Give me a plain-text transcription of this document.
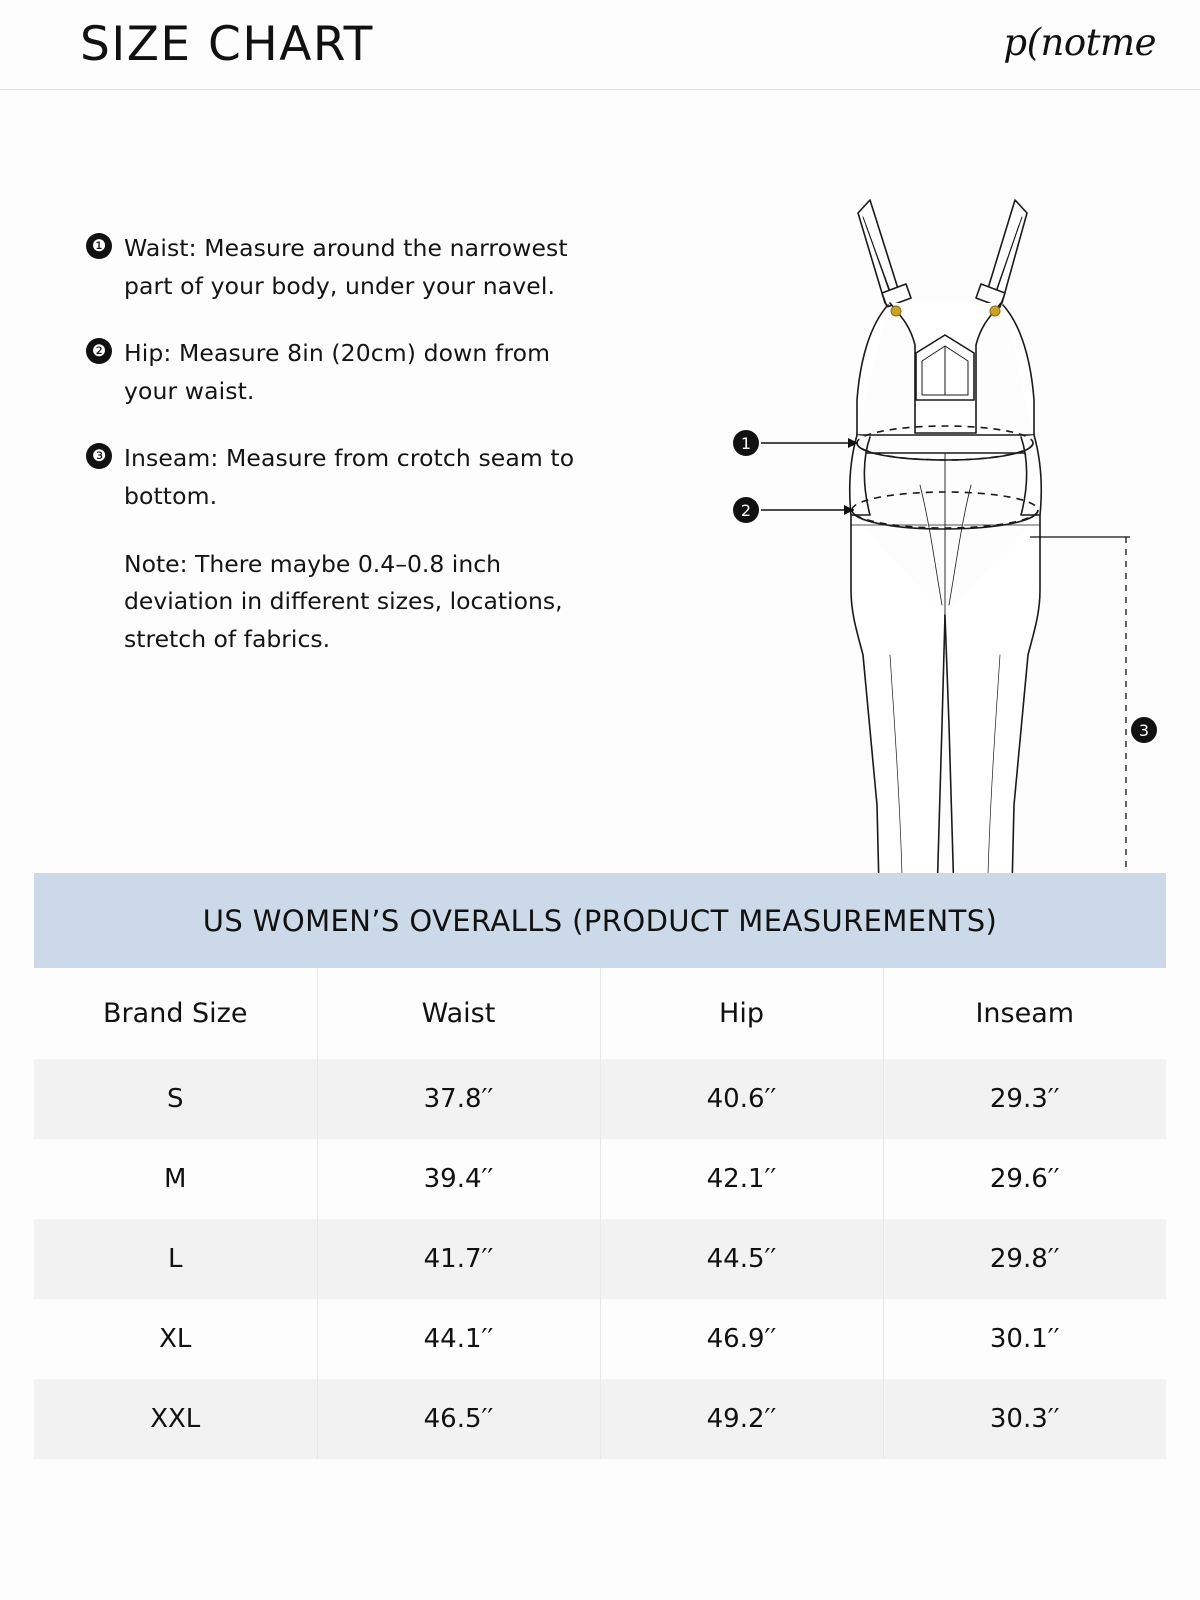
SIZE CHART	p(notme
❶ Waist: Measure around the narrowest part of your body, under your navel.
❷ Hip: Measure 8in (20cm) down from your waist.
❸ Inseam: Measure from crotch seam to bottom.
Note: There maybe 0.4–0.8 inch deviation in different sizes, locations, stretch of fabrics.
1
2
3
US WOMEN’S OVERALLS (PRODUCT MEASUREMENTS)
Brand Size	Waist	Hip	Inseam
S	37.8′′	40.6′′	29.3′′
M	39.4′′	42.1′′	29.6′′
L	41.7′′	44.5′′	29.8′′
XL	44.1′′	46.9′′	30.1′′
XXL	46.5′′	49.2′′	30.3′′
